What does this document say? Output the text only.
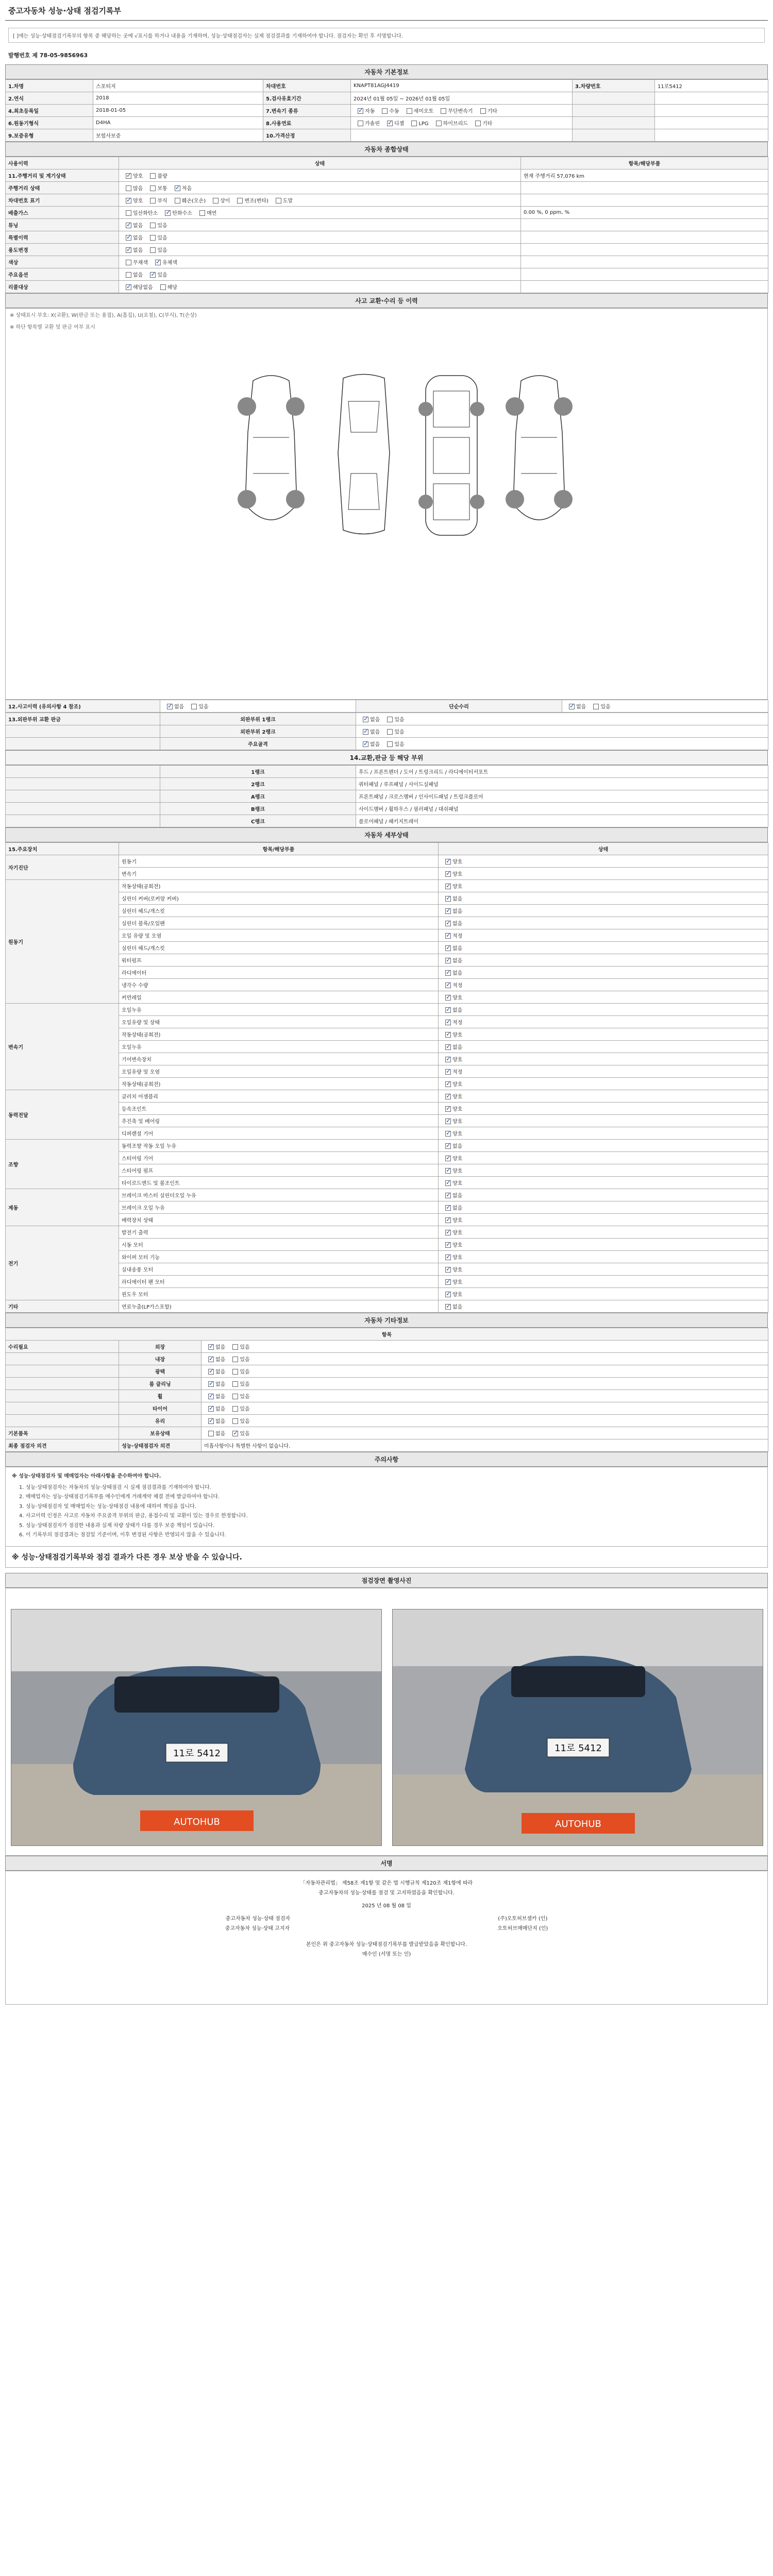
중고자동차 성능·상태 점검기록부
[ ]에는 성능·상태점검기록부의 항목 중 해당하는 곳에 √표시를 하거나 내용을 기재하며, 성능·상태점검자는 실제 점검결과를 기재하여야 합니다. 점검자는 확인 후 서명합니다.
발행번호 제 78-05-9856963
자동차 기본정보
1.차명	스포티지	차대번호	KNAPT81AGJ4419	3.차량번호	11로5412
2.연식	2018	5.검사유효기간	2024년 01월 05일 ~ 2026년 01월 05일		
4.최초등록일	2018-01-05	7.변속기 종류	✓자동 수동 세미오토 무단변속기 기타		
6.원동기형식	D4HA	8.사용연료	가솔린 ✓ 디젤 LPG 하이브리드 기타		
9.보증유형	보험사보증	10.가격산정			
자동차 종합상태
사용이력	상태	항목/해당부품
11.주행거리 및 계기상태	✓양호 불량	현재 주행거리 57,076 km
주행거리 상태	많음 보통 ✓ 적음	
차대번호 표기	✓양호 부식 훼손(오손) 상이 변조(변타) 도말	
배출가스	일산화탄소 ✓ 탄화수소 매연	0.00 %, 0 ppm, %
튜닝	✓없음 있음	
특별이력	✓없음 있음	
용도변경	✓없음 있음	
색상	무채색 ✓ 유채색	
주요옵션	없음 ✓ 있음	
리콜대상	✓해당없음 해당	
사고 교환·수리 등 이력
※ 상태표시 부호: X(교환), W(판금 또는 용접), A(흠집), U(요철), C(부식), T(손상)
※ 하단 항목별 교환 및 판금 여부 표시
12.사고이력 (유의사항 4 참조)	✓없음	있음	단순수리	✓없음	있음
13.외판부위 교환 판금	외판부위 1랭크	✓없음 있음
	외판부위 2랭크	✓없음 있음
	주요골격	✓없음 있음
14.교환,판금 등 해당 부위
	1랭크	후드 / 프론트펜더 / 도어 / 트렁크리드 / 라디에이터서포트
	2랭크	쿼터패널 / 루프패널 / 사이드실패널
	A랭크	프론트패널 / 크로스멤버 / 인사이드패널 / 트렁크플로어
	B랭크	사이드멤버 / 휠하우스 / 필러패널 / 대쉬패널
	C랭크	플로어패널 / 패키지트레이
자동차 세부상태
15.주요장치	항목/해당부품	상태
자기진단	원동기	✓양호
	변속기	✓양호
원동기	작동상태(공회전)	✓양호
	실린더 커버(로커암 커버)	✓없음
	실린더 헤드/개스킷	✓없음
	실린더 블록/오일팬	✓없음
	오일 유량 및 오염	✓적정
	실린더 헤드/개스킷	✓없음
	워터펌프	✓없음
	라디에이터	✓없음
	냉각수 수량	✓적정
	커먼레일	✓양호
변속기	오일누유	✓없음
	오일유량 및 상태	✓적정
	작동상태(공회전)	✓양호
	오일누유	✓없음
	기어변속장치	✓양호
	오일유량 및 오염	✓적정
	작동상태(공회전)	✓양호
동력전달	클러치 어셈블리	✓양호
	등속조인트	✓양호
	추진축 및 베어링	✓양호
	디퍼렌셜 기어	✓양호
조향	동력조향 작동 오일 누유	✓없음
	스티어링 기어	✓양호
	스티어링 펌프	✓양호
	타이로드엔드 및 볼조인트	✓양호
제동	브레이크 마스터 실린더오일 누유	✓없음
	브레이크 오일 누유	✓없음
	배력장치 상태	✓양호
전기	발전기 출력	✓양호
	시동 모터	✓양호
	와이퍼 모터 기능	✓양호
	실내송풍 모터	✓양호
	라디에이터 팬 모터	✓양호
	윈도우 모터	✓양호
기타	연료누출(LP가스포함)	✓없음
자동차 기타정보
항목		
수리필요	외장	✓없음 있음
	내장	✓없음 있음
	광택	✓없음 있음
	룸 클리닝	✓없음 있음
	휠	✓없음 있음
	타이어	✓없음 있음
	유리	✓없음 있음
기본품목	보유상태	없음 ✓ 있음
최종 점검자 의견	성능·상태점검자 의견	미흡사항이나 특별한 사항이 없습니다.
주의사항
※ 성능·상태점검자 및 매매업자는 아래사항을 준수하여야 합니다.
1. 성능·상태점검자는 자동차의 성능·상태점검 시 실제 점검결과를 기재하여야 합니다.
2. 매매업자는 성능·상태점검기록부를 매수인에게 거래계약 체결 전에 발급하여야 합니다.
3. 성능·상태점검자 및 매매업자는 성능·상태점검 내용에 대하여 책임을 집니다.
4. 사고이력 인정은 사고로 자동차 주요골격 부위의 판금, 용접수리 및 교환이 있는 경우로 한정합니다.
5. 성능·상태점검자가 점검한 내용과 실제 차량 상태가 다를 경우 보증 책임이 있습니다.
6. 이 기록부의 점검결과는 점검일 기준이며, 이후 변경된 사항은 반영되지 않을 수 있습니다.
※ 성능·상태점검기록부와 점검 결과가 다른 경우 보상 받을 수 있습니다.
점검장면 촬영사진
11로 5412
AUTOHUB
11로 5412
AUTOHUB
서명
「자동차관리법」 제58조 제1항 및 같은 법 시행규칙 제120조 제1항에 따라
중고자동차의 성능·상태를 점검 및 고지하였음을 확인합니다.
2025 년 08 월 08 일
중고자동차 성능·상태 점검자	(주)오토허브셀카 (인)
중고자동차 성능·상태 고지자	오토허브매매단지 (인)
본인은 위 중고자동차 성능·상태점검기록부를 발급받았음을 확인합니다.
매수인 (서명 또는 인)
